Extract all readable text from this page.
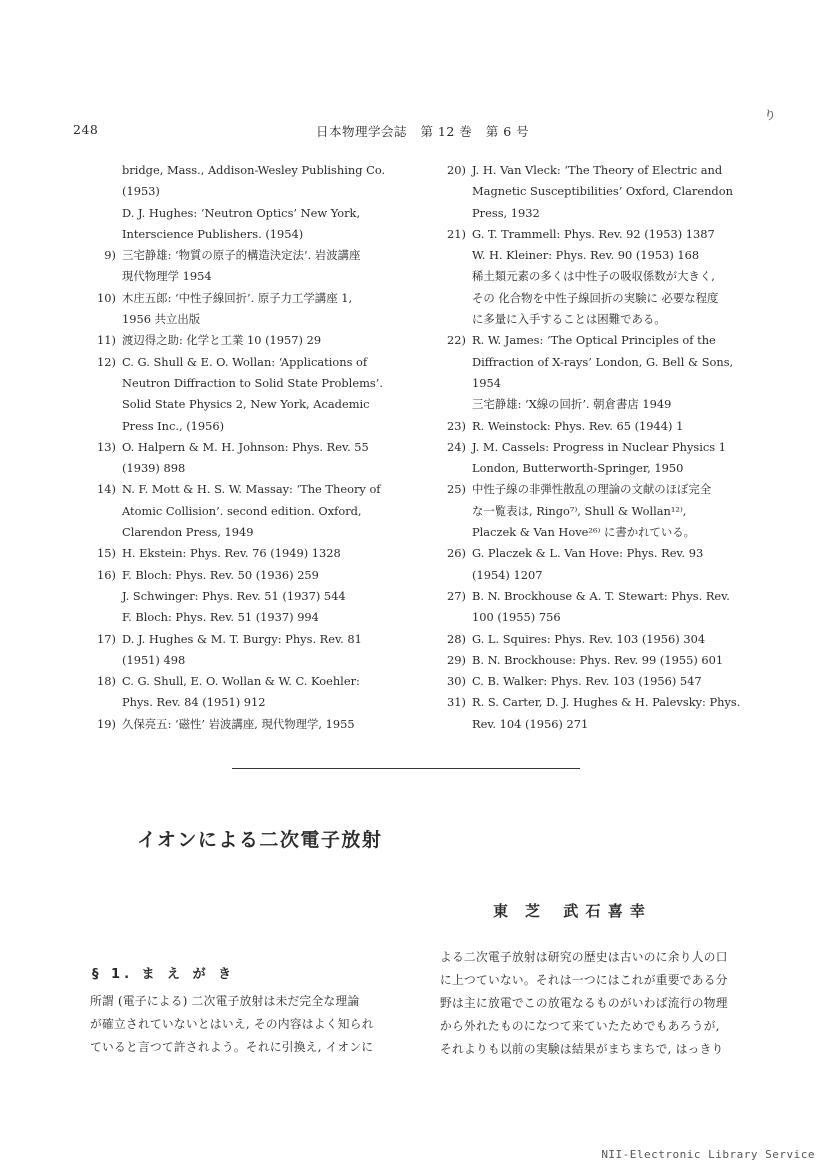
248	日本物理学会誌 第 12 巻 第 6 号
り
bridge, Mass., Addison-Wesley Publishing Co.
(1953)
D. J. Hughes: ‘Neutron Optics’ New York,
Interscience Publishers. (1954)
9) 三宅静雄: ‘物質の原子的構造決定法’. 岩波講座
現代物理学 1954
10) 木庄五郎: ‘中性子線回折’. 原子力工学講座 1,
1956 共立出版
11) 渡辺得之助: 化学と工業 10 (1957) 29
12) C. G. Shull & E. O. Wollan: ‘Applications of
Neutron Diffraction to Solid State Problems’.
Solid State Physics 2, New York, Academic
Press Inc., (1956)
13) O. Halpern & M. H. Johnson: Phys. Rev. 55
(1939) 898
14) N. F. Mott & H. S. W. Massay: ‘The Theory of
Atomic Collision’. second edition. Oxford,
Clarendon Press, 1949
15) H. Ekstein: Phys. Rev. 76 (1949) 1328
16) F. Bloch: Phys. Rev. 50 (1936) 259
J. Schwinger: Phys. Rev. 51 (1937) 544
F. Bloch: Phys. Rev. 51 (1937) 994
17) D. J. Hughes & M. T. Burgy: Phys. Rev. 81
(1951) 498
18) C. G. Shull, E. O. Wollan & W. C. Koehler:
Phys. Rev. 84 (1951) 912
19) 久保亮五: ‘磁性’ 岩波講座, 現代物理学, 1955
20) J. H. Van Vleck: ‘The Theory of Electric and
Magnetic Susceptibilities’ Oxford, Clarendon
Press, 1932
21) G. T. Trammell: Phys. Rev. 92 (1953) 1387
W. H. Kleiner: Phys. Rev. 90 (1953) 168
稀土類元素の多くは中性子の吸収係数が大きく,
その 化合物を中性子線回折の実験に 必要な程度
に多量に入手することは困難である。
22) R. W. James: ‘The Optical Principles of the
Diffraction of X-rays’ London, G. Bell & Sons,
1954
三宅静雄: ‘X線の回折’. 朝倉書店 1949
23) R. Weinstock: Phys. Rev. 65 (1944) 1
24) J. M. Cassels: Progress in Nuclear Physics 1
London, Butterworth-Springer, 1950
25) 中性子線の非弾性散乱の理論の文献のほぼ完全
な一覧表は, Ringo⁷⁾, Shull & Wollan¹²⁾,
Placzek & Van Hove²⁶⁾ に書かれている。
26) G. Placzek & L. Van Hove: Phys. Rev. 93
(1954) 1207
27) B. N. Brockhouse & A. T. Stewart: Phys. Rev.
100 (1955) 756
28) G. L. Squires: Phys. Rev. 103 (1956) 304
29) B. N. Brockhouse: Phys. Rev. 99 (1955) 601
30) C. B. Walker: Phys. Rev. 103 (1956) 547
31) R. S. Carter, D. J. Hughes & H. Palevsky: Phys.
Rev. 104 (1956) 271
イオンによる二次電子放射
東　芝 武 石 喜 幸
§ 1. ま え が き
所謂 (電子による) 二次電子放射は未だ完全な理論
が確立されていないとはいえ, その内容はよく知られ
ていると言つて許されよう。それに引換え, イオンに
よる二次電子放射は研究の歴史は古いのに余り人の口
に上つていない。それは一つにはこれが重要である分
野は主に放電でこの放電なるものがいわば流行の物理
から外れたものになつて来ていたためでもあろうが,
それよりも以前の実験は結果がまちまちで, はっきり
NII-Electronic Library Service
